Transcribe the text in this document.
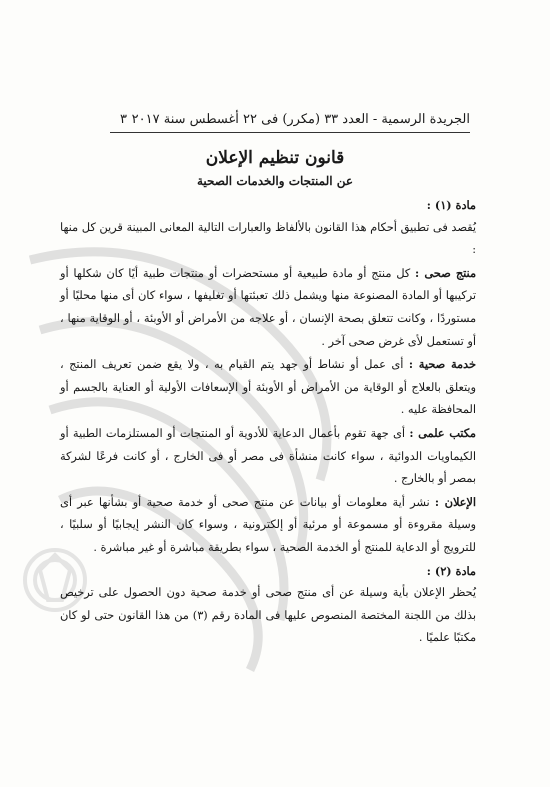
الجريدة الرسمية - العدد ٣٣ (مكرر) فى ٢٢ أغسطس سنة ٢٠١٧
٣
قانون تنظيم الإعلان
عن المنتجات والخدمات الصحية

مادة (١) :

يُقصد فى تطبيق أحكام هذا القانون بالألفاظ والعبارات التالية المعانى المبينة قرين كل منها :

منتج صحى : كل منتج أو مادة طبيعية أو مستحضرات أو منتجات طبية أيًا كان شكلها أو تركيبها أو المادة المصنوعة منها ويشمل ذلك تعبئتها أو تغليفها ، سواء كان أى منها محليًا أو مستوردًا ، وكانت تتعلق بصحة الإنسان ، أو علاجه من الأمراض أو الأوبئة ، أو الوقاية منها ، أو تستعمل لأى غرض صحى آخر .

خدمة صحية : أى عمل أو نشاط أو جهد يتم القيام به ، ولا يقع ضمن تعريف المنتج ، ويتعلق بالعلاج أو الوقاية من الأمراض أو الأوبئة أو الإسعافات الأولية أو العناية بالجسم أو المحافظة عليه .

مكتب علمى : أى جهة تقوم بأعمال الدعاية للأدوية أو المنتجات أو المستلزمات الطبية أو الكيماويات الدوائية ، سواء كانت منشأة فى مصر أو فى الخارج ، أو كانت فرعًا لشركة بمصر أو بالخارج .

الإعلان : نشر أية معلومات أو بيانات عن منتج صحى أو خدمة صحية أو بشأنها عبر أى وسيلة مقروءة أو مسموعة أو مرئية أو إلكترونية ، وسواء كان النشر إيجابيًا أو سلبيًا ، للترويج أو الدعاية للمنتج أو الخدمة الصحية ، سواء بطريقة مباشرة أو غير مباشرة .

مادة (٢) :

يُحظر الإعلان بأية وسيلة عن أى منتج صحى أو خدمة صحية دون الحصول على ترخيص بذلك من اللجنة المختصة المنصوص عليها فى المادة رقم (٣) من هذا القانون حتى لو كان مكتبًا علميًا .
